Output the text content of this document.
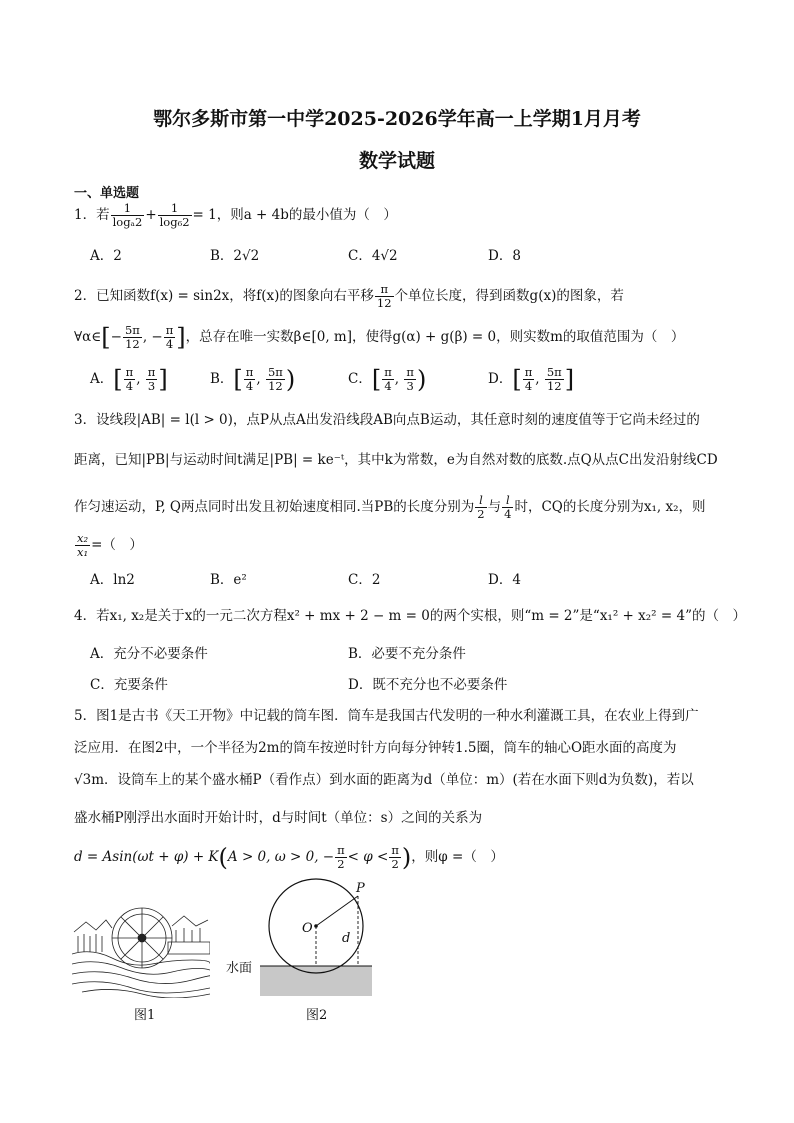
鄂尔多斯市第一中学2025-2026学年高一上学期1月月考
数学试题
一、单选题
1．若 $\frac{1}{\text{logₐ2}} + \frac{1}{\text{log₆2}} = 1$，则a + 4b的最小值为（　）
A．2	B．2√2	C．4√2	D．8
2．已知函数f(x) = sin2x，将f(x)的图象向右平移 $\frac{\pi}{12}$ 个单位长度，得到函数g(x)的图象，若
∀α∈[− $\frac{5\pi}{12}$ , − $\frac{\pi}{4}$ ]，总存在唯一实数β∈[0, m]，使得g(α) + g(β) = 0，则实数m的取值范围为（　）
A．[ $\frac{\pi}{4}$ , $\frac{\pi}{3}$ ]	B．[ $\frac{\pi}{4}$ , $\frac{5\pi}{12}$ )	C．[ $\frac{\pi}{4}$ , $\frac{\pi}{3}$ )	D．[ $\frac{\pi}{4}$ , $\frac{5\pi}{12}$ ]
3．设线段|AB| = l(l > 0)，点P从点A出发沿线段AB向点B运动，其任意时刻的速度值等于它尚未经过的
距离，已知|PB|与运动时间t满足|PB| = ke⁻ᵗ，其中k为常数，e为自然对数的底数.点Q从点C出发沿射线CD
作匀速运动，P, Q两点同时出发且初始速度相同.当PB的长度分别为 $\frac{l}{2}$ 与 $\frac{l}{4}$ 时，CQ的长度分别为x₁, x₂，则
$\frac{\text{x₂}}{\text{x₁}}$ =（　）
A．ln2	B．e²	C．2	D．4
4．若x₁, x₂是关于x的一元二次方程x² + mx + 2 − m = 0的两个实根，则“m = 2”是“x₁² + x₂² = 4”的（　）
A．充分不必要条件	B．必要不充分条件
C．充要条件	D．既不充分也不必要条件
5．图1是古书《天工开物》中记载的筒车图．筒车是我国古代发明的一种水利灌溉工具，在农业上得到广
泛应用．在图2中，一个半径为2m的筒车按逆时针方向每分钟转1.5圈，筒车的轴心O距水面的高度为
√3m．设筒车上的某个盛水桶P（看作点）到水面的距离为d（单位：m）(若在水面下则d为负数)，若以
盛水桶P刚浮出水面时开始计时，d与时间t（单位：s）之间的关系为
d = Asin(ωt + φ) + K(A > 0, ω > 0, − $\frac{\pi}{2} < \varphi < \frac{\pi}{2}$ )，则φ =（　）
图1
O
P
d
水面
图2
